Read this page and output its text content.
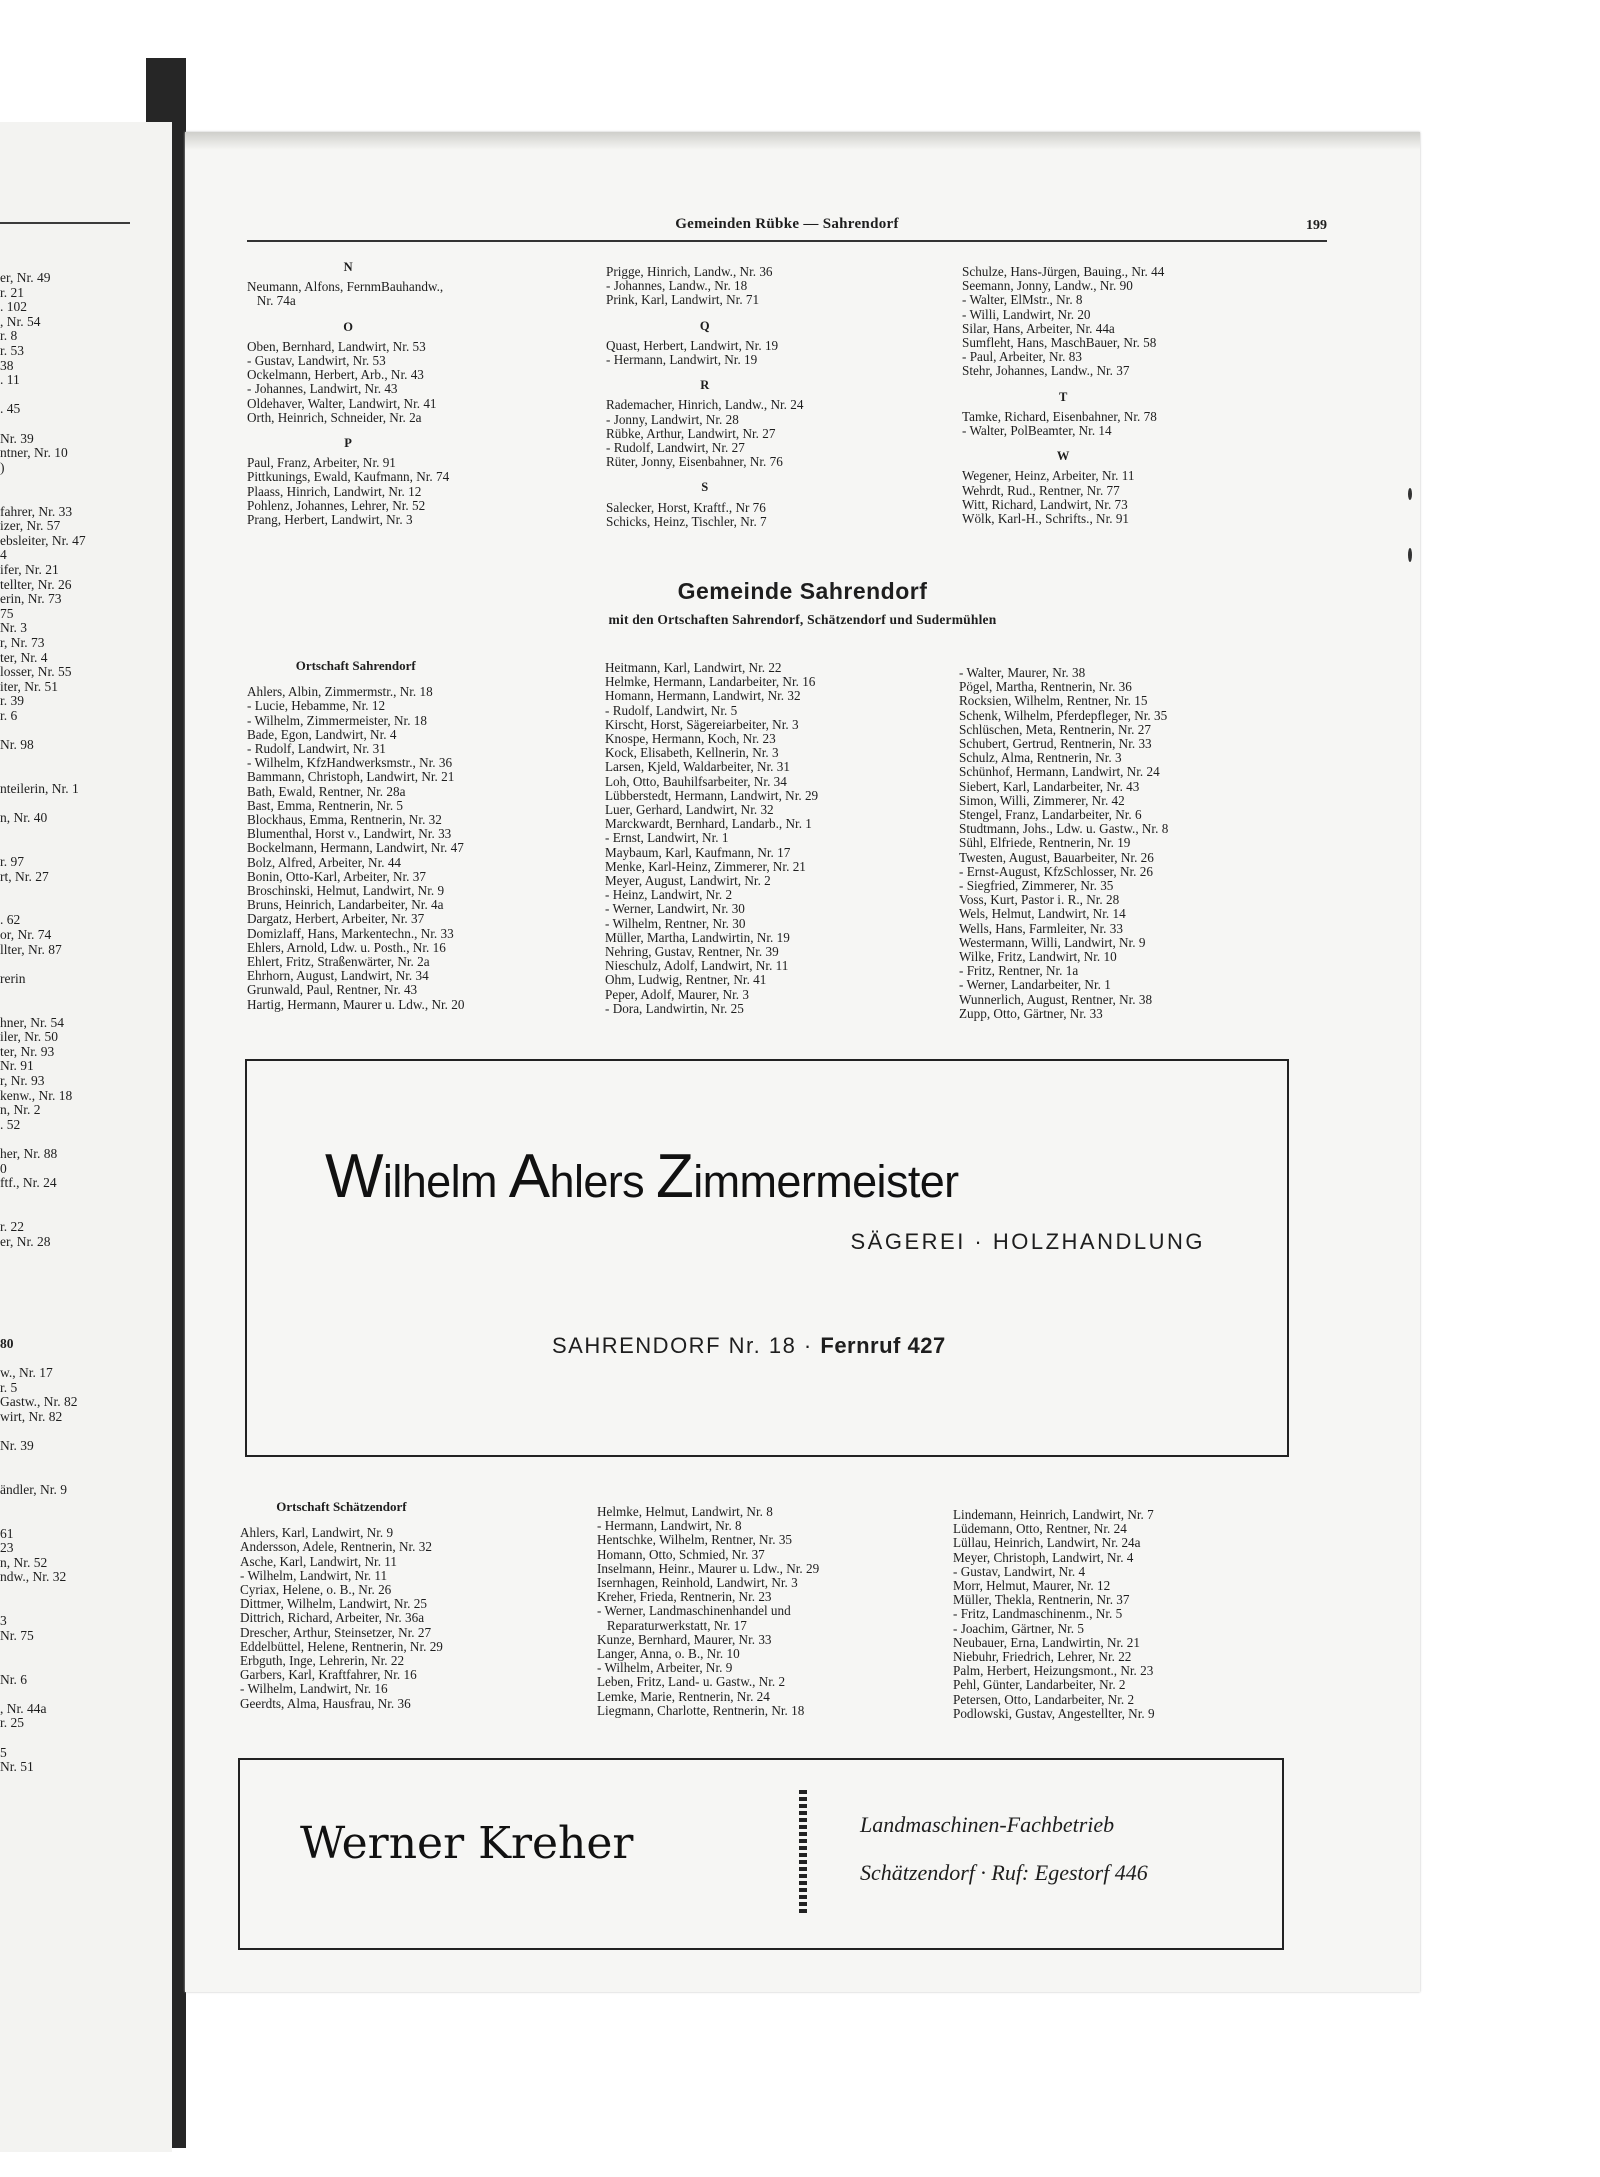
er, Nr. 49
r. 21
. 102
, Nr. 54
r. 8
r. 53
38
. 11
. 45
Nr. 39
ntner, Nr. 10
)
fahrer, Nr. 33
izer, Nr. 57
ebsleiter, Nr. 47
4
ifer, Nr. 21
tellter, Nr. 26
erin, Nr. 73
75
Nr. 3
r, Nr. 73
ter, Nr. 4
losser, Nr. 55
iter, Nr. 51
r. 39
r. 6
Nr. 98
nteilerin, Nr. 1
n, Nr. 40
r. 97
rt, Nr. 27
. 62
or, Nr. 74
llter, Nr. 87
rerin
hner, Nr. 54
iler, Nr. 50
ter, Nr. 93
Nr. 91
r, Nr. 93
kenw., Nr. 18
n, Nr. 2
. 52
her, Nr. 88
0
ftf., Nr. 24
r. 22
er, Nr. 28
80
w., Nr. 17
r. 5
Gastw., Nr. 82
wirt, Nr. 82
Nr. 39
ändler, Nr. 9
61
23
n, Nr. 52
ndw., Nr. 32
3
Nr. 75
Nr. 6
, Nr. 44a
r. 25
5
Nr. 51
Gemeinden Rübke — Sahrendorf	199
N
Neumann, Alfons, FernmBauhandw.,
Nr. 74a
O
Oben, Bernhard, Landwirt, Nr. 53
- Gustav, Landwirt, Nr. 53
Ockelmann, Herbert, Arb., Nr. 43
- Johannes, Landwirt, Nr. 43
Oldehaver, Walter, Landwirt, Nr. 41
Orth, Heinrich, Schneider, Nr. 2a
P
Paul, Franz, Arbeiter, Nr. 91
Pittkunings, Ewald, Kaufmann, Nr. 74
Plaass, Hinrich, Landwirt, Nr. 12
Pohlenz, Johannes, Lehrer, Nr. 52
Prang, Herbert, Landwirt, Nr. 3
Prigge, Hinrich, Landw., Nr. 36
- Johannes, Landw., Nr. 18
Prink, Karl, Landwirt, Nr. 71
Q
Quast, Herbert, Landwirt, Nr. 19
- Hermann, Landwirt, Nr. 19
R
Rademacher, Hinrich, Landw., Nr. 24
- Jonny, Landwirt, Nr. 28
Rübke, Arthur, Landwirt, Nr. 27
- Rudolf, Landwirt, Nr. 27
Rüter, Jonny, Eisenbahner, Nr. 76
S
Salecker, Horst, Kraftf., Nr 76
Schicks, Heinz, Tischler, Nr. 7
Schulze, Hans-Jürgen, Bauing., Nr. 44
Seemann, Jonny, Landw., Nr. 90
- Walter, ElMstr., Nr. 8
- Willi, Landwirt, Nr. 20
Silar, Hans, Arbeiter, Nr. 44a
Sumfleht, Hans, MaschBauer, Nr. 58
- Paul, Arbeiter, Nr. 83
Stehr, Johannes, Landw., Nr. 37
T
Tamke, Richard, Eisenbahner, Nr. 78
- Walter, PolBeamter, Nr. 14
W
Wegener, Heinz, Arbeiter, Nr. 11
Wehrdt, Rud., Rentner, Nr. 77
Witt, Richard, Landwirt, Nr. 73
Wölk, Karl-H., Schrifts., Nr. 91
Gemeinde Sahrendorf
mit den Ortschaften Sahrendorf, Schätzendorf und Sudermühlen
Ortschaft Sahrendorf
Ahlers, Albin, Zimmermstr., Nr. 18
- Lucie, Hebamme, Nr. 12
- Wilhelm, Zimmermeister, Nr. 18
Bade, Egon, Landwirt, Nr. 4
- Rudolf, Landwirt, Nr. 31
- Wilhelm, KfzHandwerksmstr., Nr. 36
Bammann, Christoph, Landwirt, Nr. 21
Bath, Ewald, Rentner, Nr. 28a
Bast, Emma, Rentnerin, Nr. 5
Blockhaus, Emma, Rentnerin, Nr. 32
Blumenthal, Horst v., Landwirt, Nr. 33
Bockelmann, Hermann, Landwirt, Nr. 47
Bolz, Alfred, Arbeiter, Nr. 44
Bonin, Otto-Karl, Arbeiter, Nr. 37
Broschinski, Helmut, Landwirt, Nr. 9
Bruns, Heinrich, Landarbeiter, Nr. 4a
Dargatz, Herbert, Arbeiter, Nr. 37
Domizlaff, Hans, Markentechn., Nr. 33
Ehlers, Arnold, Ldw. u. Posth., Nr. 16
Ehlert, Fritz, Straßenwärter, Nr. 2a
Ehrhorn, August, Landwirt, Nr. 34
Grunwald, Paul, Rentner, Nr. 43
Hartig, Hermann, Maurer u. Ldw., Nr. 20
Heitmann, Karl, Landwirt, Nr. 22
Helmke, Hermann, Landarbeiter, Nr. 16
Homann, Hermann, Landwirt, Nr. 32
- Rudolf, Landwirt, Nr. 5
Kirscht, Horst, Sägereiarbeiter, Nr. 3
Knospe, Hermann, Koch, Nr. 23
Kock, Elisabeth, Kellnerin, Nr. 3
Larsen, Kjeld, Waldarbeiter, Nr. 31
Loh, Otto, Bauhilfsarbeiter, Nr. 34
Lübberstedt, Hermann, Landwirt, Nr. 29
Luer, Gerhard, Landwirt, Nr. 32
Marckwardt, Bernhard, Landarb., Nr. 1
- Ernst, Landwirt, Nr. 1
Maybaum, Karl, Kaufmann, Nr. 17
Menke, Karl-Heinz, Zimmerer, Nr. 21
Meyer, August, Landwirt, Nr. 2
- Heinz, Landwirt, Nr. 2
- Werner, Landwirt, Nr. 30
- Wilhelm, Rentner, Nr. 30
Müller, Martha, Landwirtin, Nr. 19
Nehring, Gustav, Rentner, Nr. 39
Nieschulz, Adolf, Landwirt, Nr. 11
Ohm, Ludwig, Rentner, Nr. 41
Peper, Adolf, Maurer, Nr. 3
- Dora, Landwirtin, Nr. 25
- Walter, Maurer, Nr. 38
Pögel, Martha, Rentnerin, Nr. 36
Rocksien, Wilhelm, Rentner, Nr. 15
Schenk, Wilhelm, Pferdepfleger, Nr. 35
Schlüschen, Meta, Rentnerin, Nr. 27
Schubert, Gertrud, Rentnerin, Nr. 33
Schulz, Alma, Rentnerin, Nr. 3
Schünhof, Hermann, Landwirt, Nr. 24
Siebert, Karl, Landarbeiter, Nr. 43
Simon, Willi, Zimmerer, Nr. 42
Stengel, Franz, Landarbeiter, Nr. 6
Studtmann, Johs., Ldw. u. Gastw., Nr. 8
Sühl, Elfriede, Rentnerin, Nr. 19
Twesten, August, Bauarbeiter, Nr. 26
- Ernst-August, KfzSchlosser, Nr. 26
- Siegfried, Zimmerer, Nr. 35
Voss, Kurt, Pastor i. R., Nr. 28
Wels, Helmut, Landwirt, Nr. 14
Wells, Hans, Farmleiter, Nr. 33
Westermann, Willi, Landwirt, Nr. 9
Wilke, Fritz, Landwirt, Nr. 10
- Fritz, Rentner, Nr. 1a
- Werner, Landarbeiter, Nr. 1
Wunnerlich, August, Rentner, Nr. 38
Zupp, Otto, Gärtner, Nr. 33
Wilhelm Ahlers Zimmermeister
SÄGEREI · HOLZHANDLUNG
SAHRENDORF Nr. 18 · Fernruf 427
Ortschaft Schätzendorf
Ahlers, Karl, Landwirt, Nr. 9
Andersson, Adele, Rentnerin, Nr. 32
Asche, Karl, Landwirt, Nr. 11
- Wilhelm, Landwirt, Nr. 11
Cyriax, Helene, o. B., Nr. 26
Dittmer, Wilhelm, Landwirt, Nr. 25
Dittrich, Richard, Arbeiter, Nr. 36a
Drescher, Arthur, Steinsetzer, Nr. 27
Eddelbüttel, Helene, Rentnerin, Nr. 29
Erbguth, Inge, Lehrerin, Nr. 22
Garbers, Karl, Kraftfahrer, Nr. 16
- Wilhelm, Landwirt, Nr. 16
Geerdts, Alma, Hausfrau, Nr. 36
Helmke, Helmut, Landwirt, Nr. 8
- Hermann, Landwirt, Nr. 8
Hentschke, Wilhelm, Rentner, Nr. 35
Homann, Otto, Schmied, Nr. 37
Inselmann, Heinr., Maurer u. Ldw., Nr. 29
Isernhagen, Reinhold, Landwirt, Nr. 3
Kreher, Frieda, Rentnerin, Nr. 23
- Werner, Landmaschinenhandel und
Reparaturwerkstatt, Nr. 17
Kunze, Bernhard, Maurer, Nr. 33
Langer, Anna, o. B., Nr. 10
- Wilhelm, Arbeiter, Nr. 9
Leben, Fritz, Land- u. Gastw., Nr. 2
Lemke, Marie, Rentnerin, Nr. 24
Liegmann, Charlotte, Rentnerin, Nr. 18
Lindemann, Heinrich, Landwirt, Nr. 7
Lüdemann, Otto, Rentner, Nr. 24
Lüllau, Heinrich, Landwirt, Nr. 24a
Meyer, Christoph, Landwirt, Nr. 4
- Gustav, Landwirt, Nr. 4
Morr, Helmut, Maurer, Nr. 12
Müller, Thekla, Rentnerin, Nr. 37
- Fritz, Landmaschinenm., Nr. 5
- Joachim, Gärtner, Nr. 5
Neubauer, Erna, Landwirtin, Nr. 21
Niebuhr, Friedrich, Lehrer, Nr. 22
Palm, Herbert, Heizungsmont., Nr. 23
Pehl, Günter, Landarbeiter, Nr. 2
Petersen, Otto, Landarbeiter, Nr. 2
Podlowski, Gustav, Angestellter, Nr. 9
Werner Kreher	Landmaschinen-Fachbetrieb
Schätzendorf · Ruf: Egestorf 446
